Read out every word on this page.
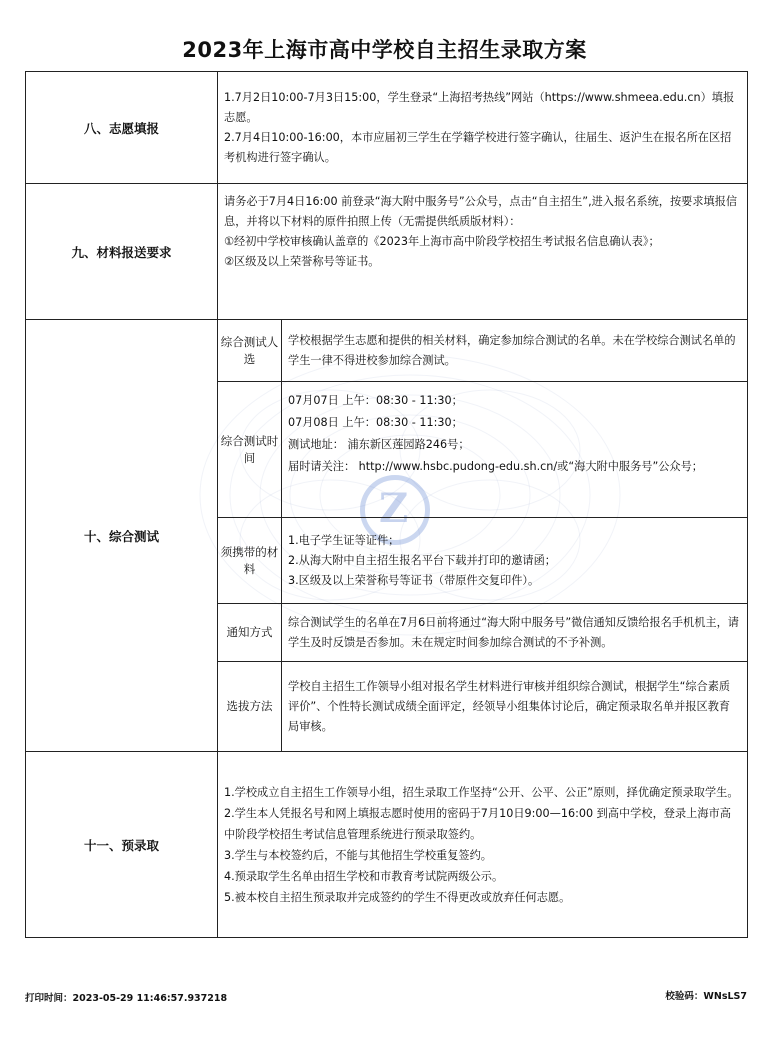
2023年上海市高中学校自主招生录取方案
Z
八、志愿填报	1.7月2日10:00-7月3日15:00，学生登录“上海招考热线”网站（https://www.shmeea.edu.cn）填报志愿。

2.7月4日10:00-16:00，本市应届初三学生在学籍学校进行签字确认，往届生、返沪生在报名所在区招考机构进行签字确认。	

九、材料报送要求	请务必于7月4日16:00 前登录“海大附中服务号”公众号，点击“自主招生”,进入报名系统，按要求填报信息，并将以下材料的原件拍照上传（无需提供纸质版材料）：

①经初中学校审核确认盖章的《2023年上海市高中阶段学校招生考试报名信息确认表》；

②区级及以上荣誉称号等证书。	

十、综合测试	综合测试人选	学校根据学生志愿和提供的相关材料，确定参加综合测试的名单。未在学校综合测试名单的学生一律不得进校参加综合测试。

	综合测试时间	07月07日 上午：08:30 - 11:30；

07月08日 上午：08:30 - 11:30；

测试地址： 浦东新区莲园路246号；

届时请关注： http://www.hsbc.pudong-edu.sh.cn/或“海大附中服务号”公众号；

	须携带的材料	1.电子学生证等证件；

2.从海大附中自主招生报名平台下载并打印的邀请函；

3.区级及以上荣誉称号等证书（带原件交复印件）。

	通知方式	综合测试学生的名单在7月6日前将通过“海大附中服务号”微信通知反馈给报名手机机主，请学生及时反馈是否参加。未在规定时间参加综合测试的不予补测。

	选拔方法	学校自主招生工作领导小组对报名学生材料进行审核并组织综合测试，根据学生“综合素质评价”、个性特长测试成绩全面评定，经领导小组集体讨论后，确定预录取名单并报区教育局审核。

十一、预录取	1.学校成立自主招生工作领导小组，招生录取工作坚持“公开、公平、公正”原则，择优确定预录取学生。

2.学生本人凭报名号和网上填报志愿时使用的密码于7月10日9:00—16:00 到高中学校，登录上海市高中阶段学校招生考试信息管理系统进行预录取签约。

3.学生与本校签约后，不能与其他招生学校重复签约。

4.预录取学生名单由招生学校和市教育考试院两级公示。

5.被本校自主招生预录取并完成签约的学生不得更改或放弃任何志愿。	

打印时间：2023-05-29 11:46:57.937218	校验码：WNsLS7
